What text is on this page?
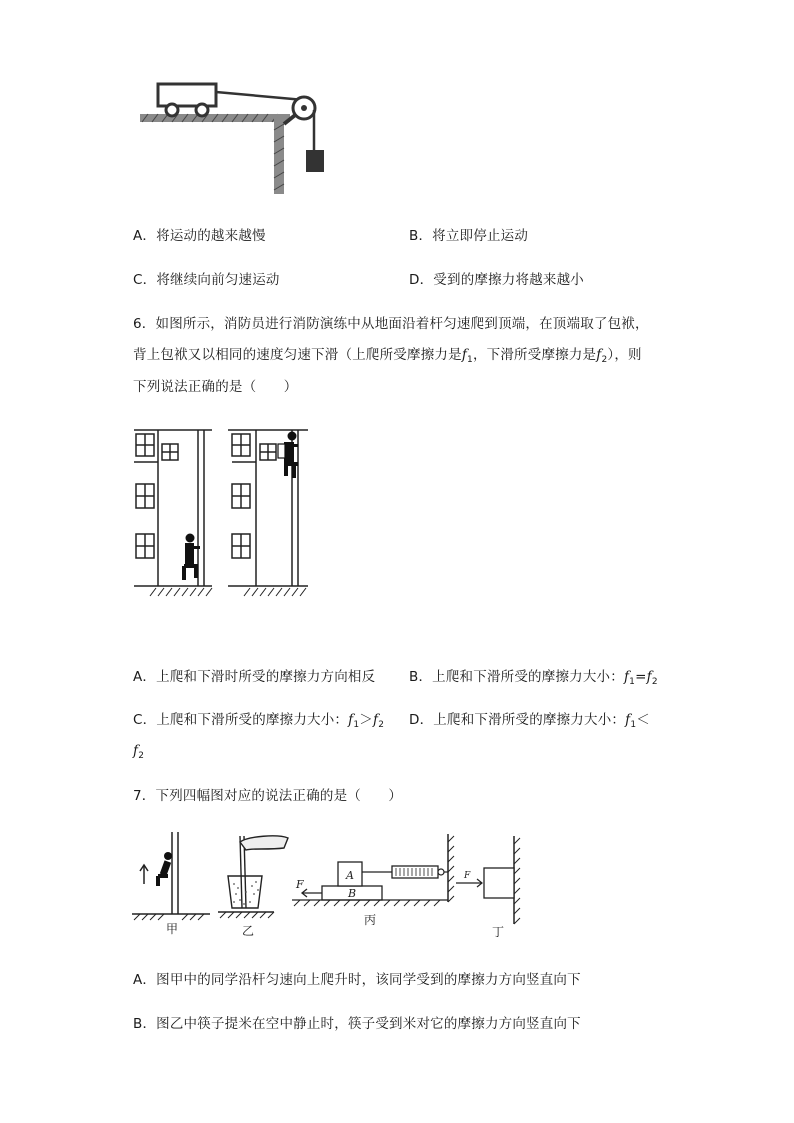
A．将运动的越来越慢	B．将立即停止运动
C．将继续向前匀速运动	D．受到的摩擦力将越来越小
6．如图所示，消防员进行消防演练中从地面沿着杆匀速爬到顶端，在顶端取了包袱，
背上包袱又以相同的速度匀速下滑（上爬所受摩擦力是$f_1$，下滑所受摩擦力是$f_2$），则
下列说法正确的是（　　）
A．上爬和下滑时所受的摩擦力方向相反 B．上爬和下滑所受的摩擦力大小：$f_1=f_2$
C．上爬和下滑所受的摩擦力大小：$f_1>f_2$ D．上爬和下滑所受的摩擦力大小：$f_1<$
$f_2$
7．下列四幅图对应的说法正确的是（　　）
甲	乙
F
A
B
丙
F
丁
A．图甲中的同学沿杆匀速向上爬升时，该同学受到的摩擦力方向竖直向下
B．图乙中筷子提米在空中静止时，筷子受到米对它的摩擦力方向竖直向下
